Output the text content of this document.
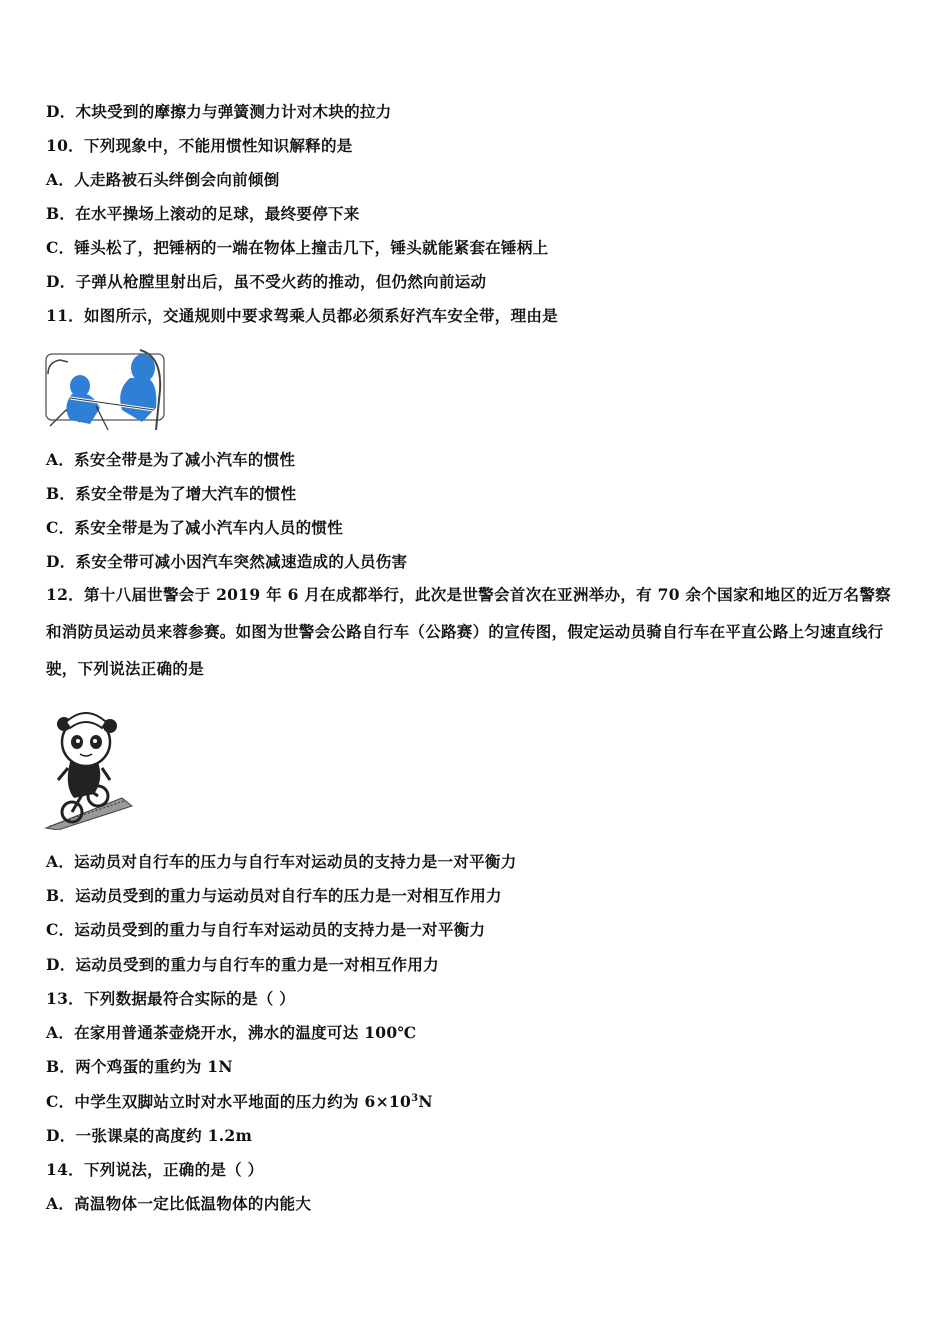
D．木块受到的摩擦力与弹簧测力计对木块的拉力
10．下列现象中，不能用惯性知识解释的是
A．人走路被石头绊倒会向前倾倒
B．在水平操场上滚动的足球，最终要停下来
C．锤头松了，把锤柄的一端在物体上撞击几下，锤头就能紧套在锤柄上
D．子弹从枪膛里射出后，虽不受火药的推动，但仍然向前运动
11．如图所示，交通规则中要求驾乘人员都必须系好汽车安全带，理由是
A．系安全带是为了减小汽车的惯性
B．系安全带是为了增大汽车的惯性
C．系安全带是为了减小汽车内人员的惯性
D．系安全带可减小因汽车突然减速造成的人员伤害
12．第十八届世警会于 2019 年 6 月在成都举行，此次是世警会首次在亚洲举办，有 70 余个国家和地区的近万名警察和消防员运动员来蓉参赛。如图为世警会公路自行车（公路赛）的宣传图，假定运动员骑自行车在平直公路上匀速直线行驶，下列说法正确的是
A．运动员对自行车的压力与自行车对运动员的支持力是一对平衡力
B．运动员受到的重力与运动员对自行车的压力是一对相互作用力
C．运动员受到的重力与自行车对运动员的支持力是一对平衡力
D．运动员受到的重力与自行车的重力是一对相互作用力
13．下列数据最符合实际的是（ ）
A．在家用普通茶壶烧开水，沸水的温度可达 100℃
B．两个鸡蛋的重约为 1N
C．中学生双脚站立时对水平地面的压力约为 $6\times 10^3N$
D．一张课桌的高度约 1.2m
14．下列说法，正确的是（ ）
A．高温物体一定比低温物体的内能大
